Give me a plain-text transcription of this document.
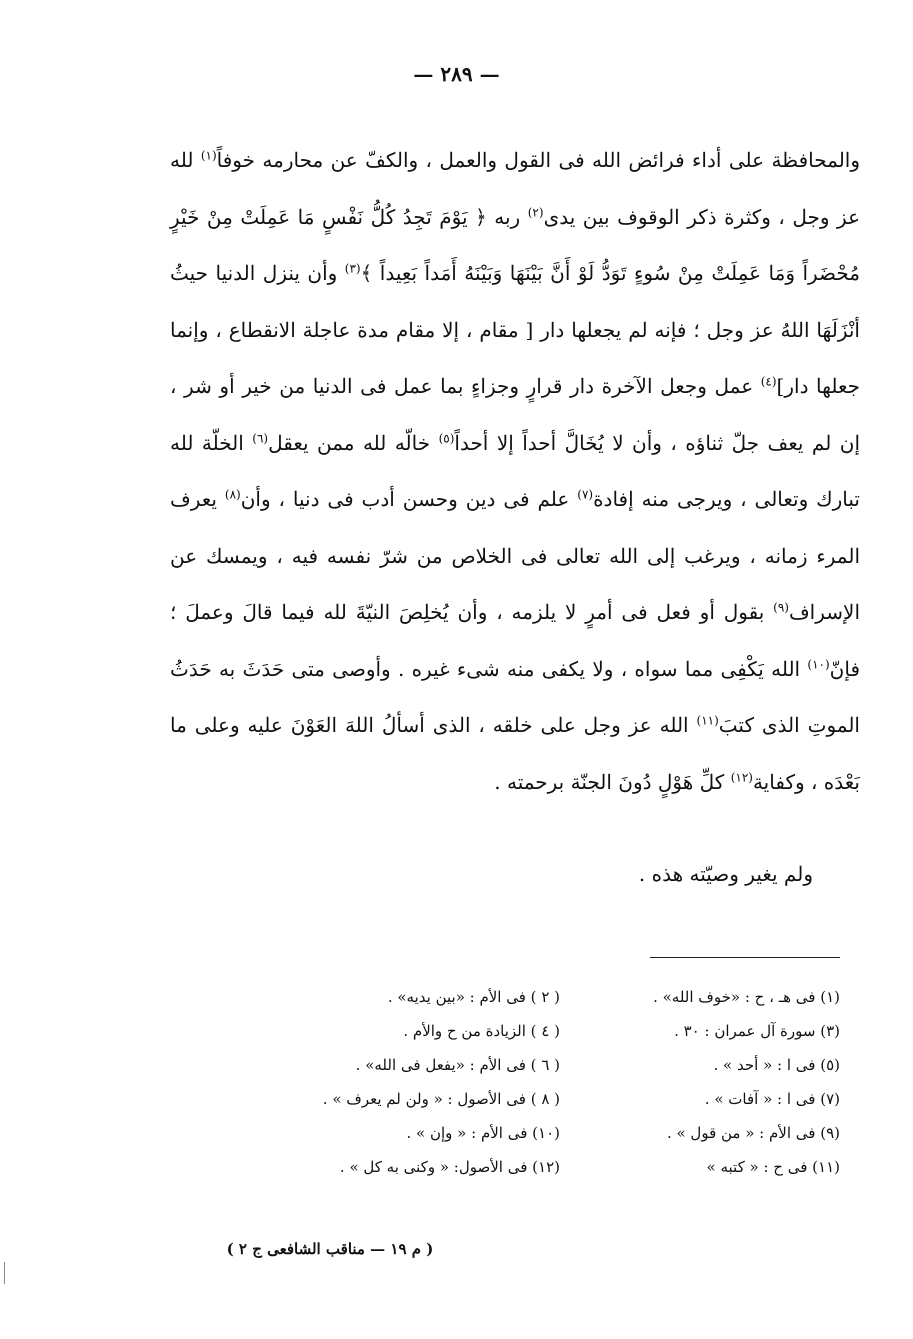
— ٢٨٩ —
والمحافظة على أداء فرائض الله فى القول والعمل ، والكفّ عن محارمه خوفاً$^{(١)}$ لله عز وجل ، وكثرة ذكر الوقوف بين يدى$^{(٢)}$ ربه ﴿ يَوْمَ تَجِدُ كُلُّ نَفْسٍ مَا عَمِلَتْ مِنْ خَيْرٍ مُحْضَراً وَمَا عَمِلَتْ مِنْ سُوءٍ تَوَدُّ لَوْ أَنَّ بَيْنَهَا وَبَيْنَهُ أَمَداً بَعِيداً ﴾$^{(٣)}$ وأن ينزل الدنيا حيثُ أنْزَلَهَا اللهُ عز وجل ؛ فإنه لم يجعلها دار [ مقام ، إلا مقام مدة عاجلة الانقطاع ، وإنما جعلها دار]$^{(٤)}$ عمل وجعل الآخرة دار قرارٍ وجزاءٍ بما عمل فى الدنيا من خير أو شر ، إن لم يعف جلّ ثناؤه ، وأن لا يُخَالَّ أحداً إلا أحداً$^{(٥)}$ خالّه لله ممن يعقل$^{(٦)}$ الخلّة لله تبارك وتعالى ، ويرجى منه إفادة$^{(٧)}$ علم فى دين وحسن أدب فى دنيا ، وأن$^{(٨)}$ يعرف المرء زمانه ، ويرغب إلى الله تعالى فى الخلاص من شرّ نفسه فيه ، ويمسك عن الإسراف$^{(٩)}$ بقول أو فعل فى أمرٍ لا يلزمه ، وأن يُخلِصَ النيّةَ لله فيما قالَ وعملَ ؛ فإنّ$^{(١٠)}$ الله يَكْفِى مما سواه ، ولا يكفى منه شىء غيره . وأوصى متى حَدَثَ به حَدَثُ الموتِ الذى كتبَ$^{(١١)}$ الله عز وجل على خلقه ، الذى أسألُ اللهَ العَوْنَ عليه وعلى ما بَعْدَه ، وكفاية$^{(١٢)}$ كلِّ هَوْلٍ دُونَ الجنّة برحمته .
ولم يغير وصيّته هذه .
(١) فى هـ ، ح : «خوف الله» .
( ٢ ) فى الأم : «بين يديه» .
(٣) سورة آل عمران : ٣٠ .
( ٤ ) الزيادة من ح والأم .
(٥) فى ا : « أحد » .
( ٦ ) فى الأم : «يفعل فى الله» .
(٧) فى ا : « آفات » .
( ٨ ) فى الأصول : « ولن لم يعرف » .
(٩) فى الأم : « من قول » .
(١٠) فى الأم : « وإن » .
(١١) فى ح : « كتبه »
(١٢) فى الأصول: « وكنى به كل » .
( م ١٩ — مناقب الشافعى ج ٢ )
